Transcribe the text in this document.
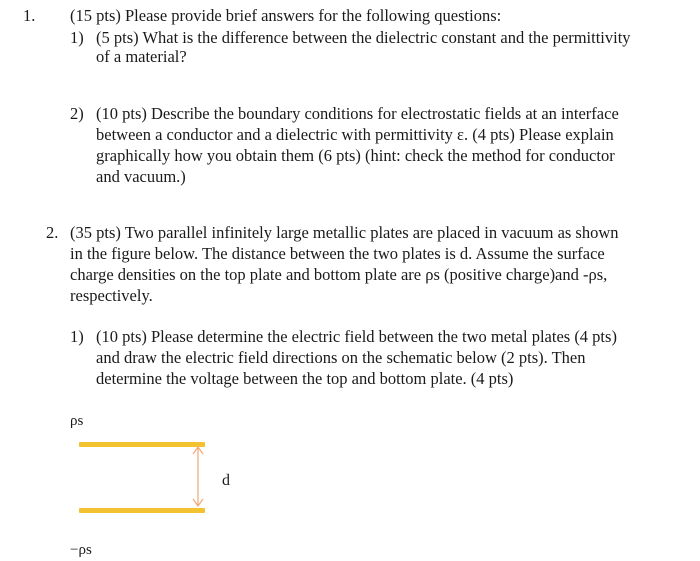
1. (15 pts) Please provide brief answers for the following questions:
1) (5 pts) What is the difference between the dielectric constant and the permittivity
of a material?
2) (10 pts) Describe the boundary conditions for electrostatic fields at an interface
between a conductor and a dielectric with permittivity ε. (4 pts) Please explain
graphically how you obtain them (6 pts) (hint: check the method for conductor
and vacuum.)
2. (35 pts) Two parallel infinitely large metallic plates are placed in vacuum as shown
in the figure below. The distance between the two plates is d. Assume the surface
charge densities on the top plate and bottom plate are ρs (positive charge)and -ρs,
respectively.
1) (10 pts) Please determine the electric field between the two metal plates (4 pts)
and draw the electric field directions on the schematic below (2 pts). Then
determine the voltage between the top and bottom plate. (4 pts)
ρs
d
−ρs
